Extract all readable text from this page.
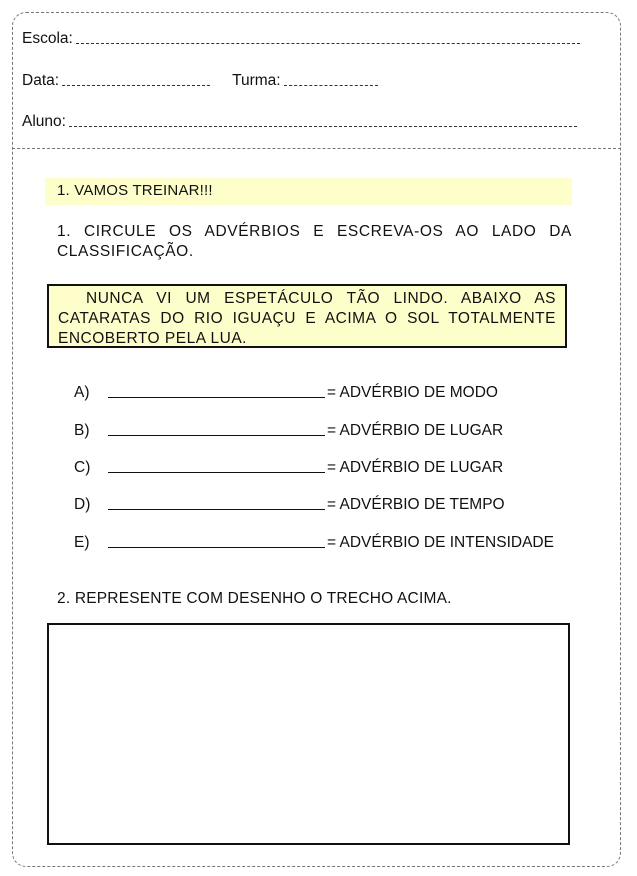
Escola:
Data:	Turma:
Aluno:
1. VAMOS TREINAR!!!
1. CIRCULE OS ADVÉRBIOS E ESCREVA-OS AO LADO DA CLASSIFICAÇÃO.
NUNCA VI UM ESPETÁCULO TÃO LINDO. ABAIXO AS CATARATAS DO RIO IGUAÇU E ACIMA O SOL TOTALMENTE ENCOBERTO PELA LUA.
A)	= ADVÉRBIO DE MODO
B)	= ADVÉRBIO DE LUGAR
C)	= ADVÉRBIO DE LUGAR
D)	= ADVÉRBIO DE TEMPO
E)	= ADVÉRBIO DE INTENSIDADE
2. REPRESENTE COM DESENHO O TRECHO ACIMA.
